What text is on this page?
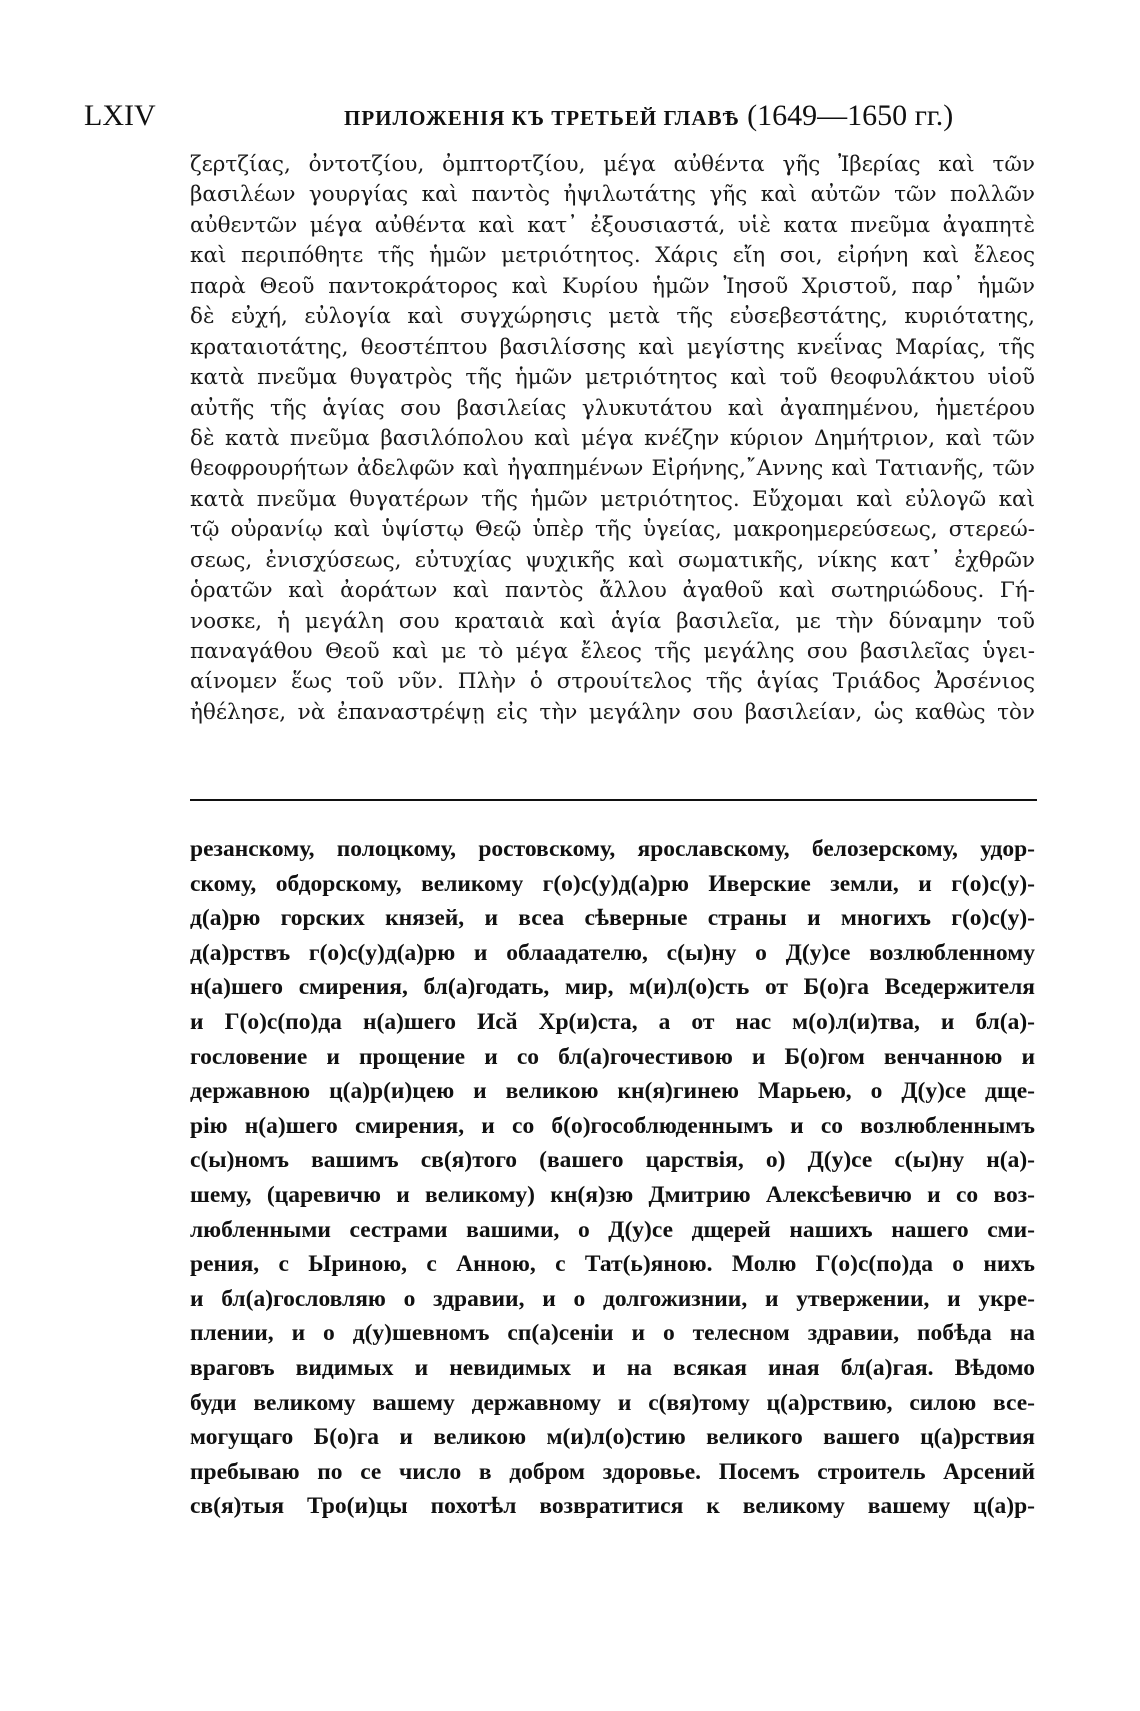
LXIV	ПРИЛОЖЕНІЯ КЪ ТРЕТЬЕЙ ГЛАВѢ (1649—1650 гг.)
ζερτζίας, ὀντοτζίου, ὀμπτορτζίου, μέγα αὐθέντα γῆς Ἰβερίας καὶ τῶν
βασιλέων γουργίας καὶ παντὸς ἠψιλωτάτης γῆς καὶ αὐτῶν τῶν πολλῶν
αὐθεντῶν μέγα αὐθέντα καὶ κατ᾽ ἐξουσιαστά, υἱὲ κατα πνεῦμα ἀγαπητὲ
καὶ περιπόθητε τῆς ἡμῶν μετριότητος. Χάρις εἴη σοι, εἰρήνη καὶ ἔλεος
παρὰ Θεοῦ παντοκράτορος καὶ Κυρίου ἡμῶν Ἰησοῦ Χριστοῦ, παρ᾽ ἡμῶν
δὲ εὐχή, εὐλογία καὶ συγχώρησις μετὰ τῆς εὐσεβεστάτης, κυριότατης,
κραταιοτάτης, θεοστέπτου βασιλίσσης καὶ μεγίστης κνεΐνας Μαρίας, τῆς
κατὰ πνεῦμα θυγατρὸς τῆς ἡμῶν μετριότητος καὶ τοῦ θεοφυλάκτου υἱοῦ
αὐτῆς τῆς ἁγίας σου βασιλείας γλυκυτάτου καὶ ἀγαπημένου, ἡμετέρου
δὲ κατὰ πνεῦμα βασιλόπολου καὶ μέγα κνέζην κύριον Δημήτριον, καὶ τῶν
θεοφρουρήτων ἀδελφῶν καὶ ἠγαπημένων Εἰρήνης,῎Αννης καὶ Τατιανῆς, τῶν
κατὰ πνεῦμα θυγατέρων τῆς ἡμῶν μετριότητος. Εὔχομαι καὶ εὐλογῶ καὶ
τῷ οὐρανίῳ καὶ ὑψίστῳ Θεῷ ὑπὲρ τῆς ὑγείας, μακροημερεύσεως, στερεώ-
σεως, ἐνισχύσεως, εὐτυχίας ψυχικῆς καὶ σωματικῆς, νίκης κατ᾽ ἐχθρῶν
ὁρατῶν καὶ ἀοράτων καὶ παντὸς ἄλλου ἀγαθοῦ καὶ σωτηριώδους. Γή-
νοσκε, ἡ μεγάλη σου κραταιὰ καὶ ἁγία βασιλεῖα, με τὴν δύναμην τοῦ
παναγάθου Θεοῦ καὶ με τὸ μέγα ἔλεος τῆς μεγάλης σου βασιλεῖας ὑγει-
αίνομεν ἕως τοῦ νῦν. Πλὴν ὁ στρουίτελος τῆς ἁγίας Τριάδος Ἀρσένιος
ἠθέλησε, νὰ ἐπαναστρέψῃ εἰς τὴν μεγάλην σου βασιλείαν, ὡς καθὼς τὸν
резанскому, полоцкому, ростовскому, ярославскому, белозерскому, удор-
скому, обдорскому, великому г(о)с(у)д(а)рю Иверские земли, и г(о)с(у)-
д(а)рю горских князей, и всеа сѣверные страны и многихъ г(о)с(у)-
д(а)рствъ г(о)с(у)д(а)рю и облаадателю, с(ы)ну о Д(у)се возлюбленному
н(а)шего смирения, бл(а)годать, мир, м(и)л(о)сть от Б(о)га Вседержителя
и Г(о)с(по)да н(а)шего Исӑ Хр(и)ста, а от нас м(о)л(и)тва, и бл(а)-
гословение и прощение и со бл(а)гочестивою и Б(о)гом венчанною и
державною ц(а)р(и)цею и великою кн(я)гинею Марьею, о Д(у)се дще-
рію н(а)шего смирения, и со б(о)гособлюденнымъ и со возлюбленнымъ
с(ы)номъ вашимъ св(я)того (вашего царствія, о) Д(у)се с(ы)ну н(а)-
шему, (царевичю и великому) кн(я)зю Дмитрию Алексѣевичю и со воз-
любленными сестрами вашими, о Д(у)се дщерей нашихъ нашего сми-
рения, с Ыриною, с Анною, с Тат(ь)яною. Молю Г(о)с(по)да о нихъ
и бл(а)гословляю о здравии, и о долгожизнии, и утвержении, и укре-
плении, и о д(у)шевномъ сп(а)сеніи и о телесном здравии, побѣда на
враговъ видимых и невидимых и на всякая иная бл(а)гая. Вѣдомо
буди великому вашему державному и с(вя)тому ц(а)рствию, силою все-
могущаго Б(о)га и великою м(и)л(о)стию великого вашего ц(а)рствия
пребываю по се число в добром здоровье. Посемъ строитель Арсений
св(я)тыя Тро(и)цы похотѣл возвратитися к великому вашему ц(а)р-
